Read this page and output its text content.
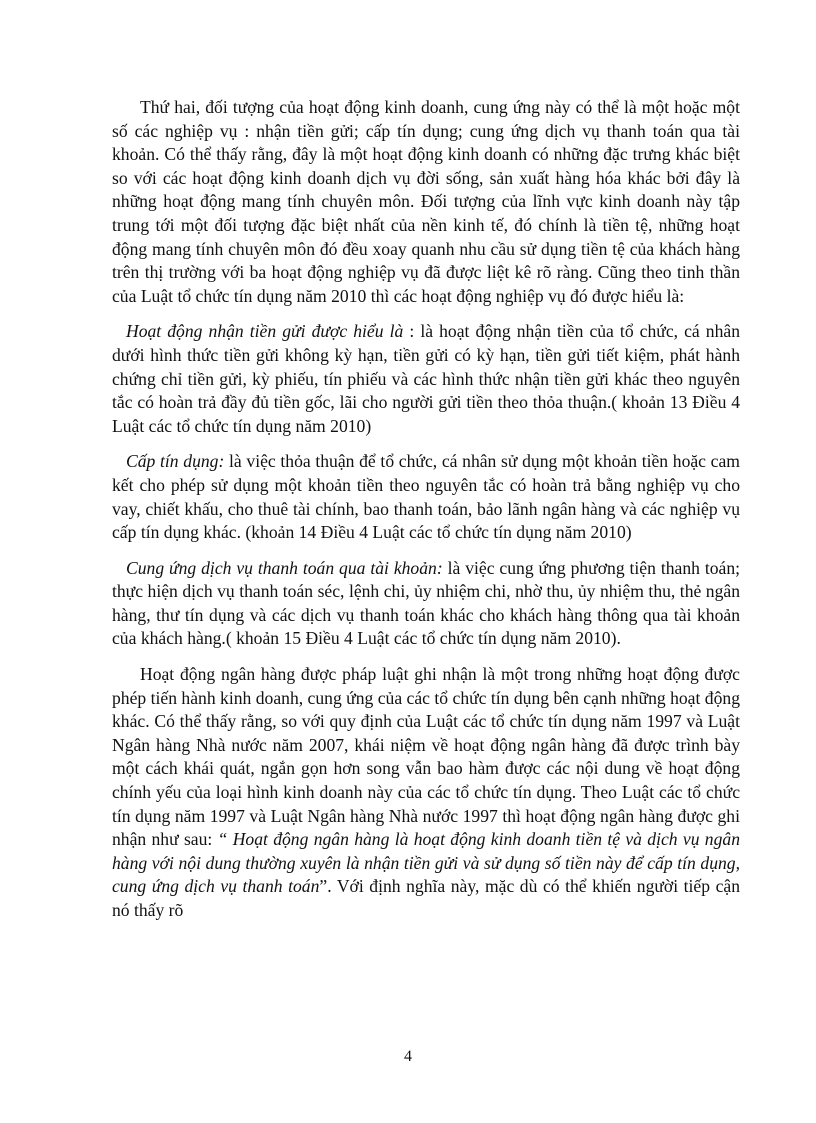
Thứ hai, đối tượng của hoạt động kinh doanh, cung ứng này có thể là một hoặc một số các nghiệp vụ : nhận tiền gửi; cấp tín dụng; cung ứng dịch vụ thanh toán qua tài khoản. Có thể thấy rằng, đây là một hoạt động kinh doanh có những đặc trưng khác biệt so với các hoạt động kinh doanh dịch vụ đời sống, sản xuất hàng hóa khác bởi đây là những hoạt động mang tính chuyên môn. Đối tượng của lĩnh vực kinh doanh này tập trung tới một đối tượng đặc biệt nhất của nền kinh tế, đó chính là tiền tệ, những hoạt động mang tính chuyên môn đó đều xoay quanh nhu cầu sử dụng tiền tệ của khách hàng trên thị trường với ba hoạt động nghiệp vụ đã được liệt kê rõ ràng. Cũng theo tinh thần của Luật tổ chức tín dụng năm 2010 thì các hoạt động nghiệp vụ đó được hiểu là:

Hoạt động nhận tiền gửi được hiểu là : là hoạt động nhận tiền của tổ chức, cá nhân dưới hình thức tiền gửi không kỳ hạn, tiền gửi có kỳ hạn, tiền gửi tiết kiệm, phát hành chứng chỉ tiền gửi, kỳ phiếu, tín phiếu và các hình thức nhận tiền gửi khác theo nguyên tắc có hoàn trả đầy đủ tiền gốc, lãi cho người gửi tiền theo thỏa thuận.( khoản 13 Điều 4 Luật các tổ chức tín dụng năm 2010)

Cấp tín dụng: là việc thỏa thuận để tổ chức, cá nhân sử dụng một khoản tiền hoặc cam kết cho phép sử dụng một khoản tiền theo nguyên tắc có hoàn trả bằng nghiệp vụ cho vay, chiết khấu, cho thuê tài chính, bao thanh toán, bảo lãnh ngân hàng và các nghiệp vụ cấp tín dụng khác. (khoản 14 Điều 4 Luật các tổ chức tín dụng năm 2010)

Cung ứng dịch vụ thanh toán qua tài khoản: là việc cung ứng phương tiện thanh toán; thực hiện dịch vụ thanh toán séc, lệnh chi, ủy nhiệm chi, nhờ thu, ủy nhiệm thu, thẻ ngân hàng, thư tín dụng và các dịch vụ thanh toán khác cho khách hàng thông qua tài khoản của khách hàng.( khoản 15 Điều 4 Luật các tổ chức tín dụng năm 2010).

Hoạt động ngân hàng được pháp luật ghi nhận là một trong những hoạt động được phép tiến hành kinh doanh, cung ứng của các tổ chức tín dụng bên cạnh những hoạt động khác. Có thể thấy rằng, so với quy định của Luật các tổ chức tín dụng năm 1997 và Luật Ngân hàng Nhà nước năm 2007, khái niệm về hoạt động ngân hàng đã được trình bày một cách khái quát, ngắn gọn hơn song vẫn bao hàm được các nội dung về hoạt động chính yếu của loại hình kinh doanh này của các tổ chức tín dụng. Theo Luật các tổ chức tín dụng năm 1997 và Luật Ngân hàng Nhà nước 1997 thì hoạt động ngân hàng được ghi nhận như sau: “ Hoạt động ngân hàng là hoạt động kinh doanh tiền tệ và dịch vụ ngân hàng với nội dung thường xuyên là nhận tiền gửi và sử dụng số tiền này để cấp tín dụng, cung ứng dịch vụ thanh toán”. Với định nghĩa này, mặc dù có thể khiến người tiếp cận nó thấy rõ

4
